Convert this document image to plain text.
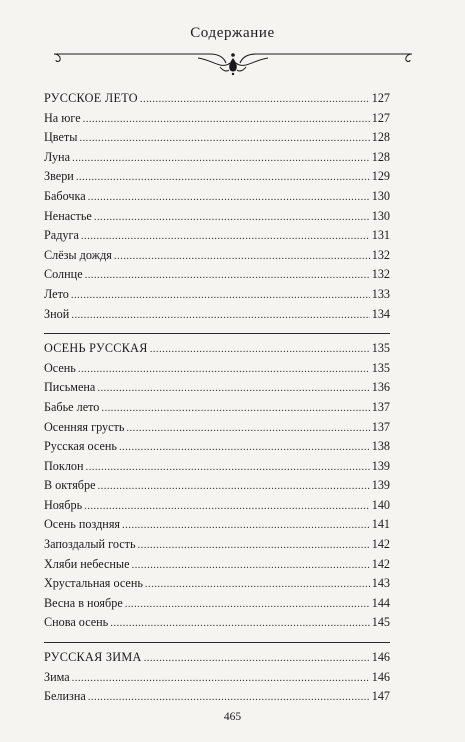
Содержание
РУССКОЕ ЛЕТО . . .	127
На юге . . .	127
Цветы . . .	128
Луна . . .	128
Звери . . .	129
Бабочка . . .	130
Ненастье . . .	130
Радуга . . .	131
Слёзы дождя . . .	132
Солнце . . .	132
Лето . . .	133
Зной . . .	134
ОСЕНЬ РУССКАЯ . . .	135
Осень . . .	135
Письмена . . .	136
Бабье лето . . .	137
Осенняя грусть . . .	137
Русская осень . . .	138
Поклон . . .	139
В октябре . . .	139
Ноябрь . . .	140
Осень поздняя . . .	141
Запоздалый гость . . .	142
Хляби небесные . . .	142
Хрустальная осень . . .	143
Весна в ноябре . . .	144
Снова осень . . .	145
РУССКАЯ ЗИМА . . .	146
Зима . . .	146
Белизна . . .	147
465
